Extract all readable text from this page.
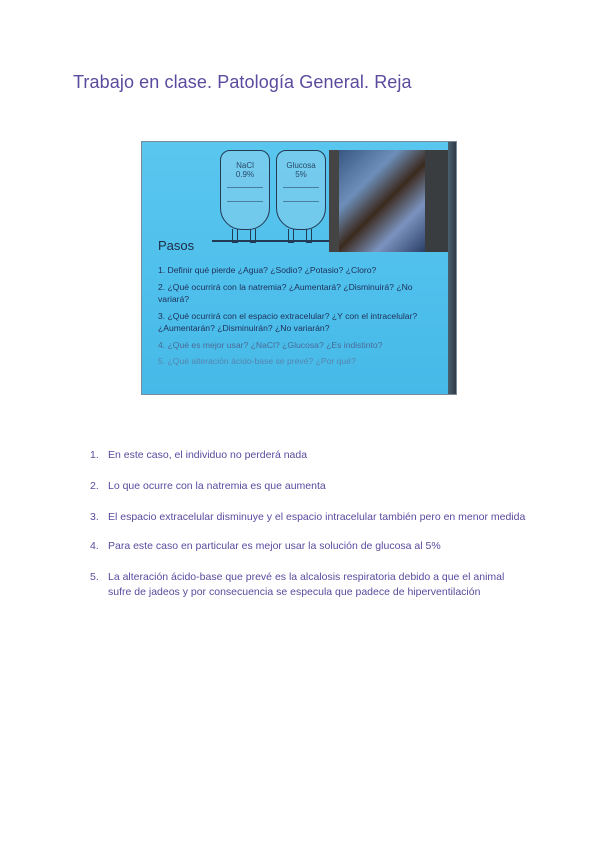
Trabajo en clase. Patología General. Reja
NaCl
0.9%
Glucosa
5%
Pasos
1. Definir qué pierde ¿Agua? ¿Sodio? ¿Potasio? ¿Cloro?
2. ¿Qué ocurrirá con la natremia? ¿Aumentará? ¿Disminuirá? ¿No variará?
3. ¿Qué ocurrirá con el espacio extracelular? ¿Y con el intracelular? ¿Aumentarán? ¿Disminuirán? ¿No variarán?
4. ¿Qué es mejor usar? ¿NaCl? ¿Glucosa? ¿Es indistinto?
5. ¿Qué alteración ácido-base se prevé? ¿Por qué?
1. En este caso, el individuo no perderá nada
2. Lo que ocurre con la natremia es que aumenta
3. El espacio extracelular disminuye y el espacio intracelular también pero en menor medida
4. Para este caso en particular es mejor usar la solución de glucosa al 5%
5. La alteración ácido-base que prevé es la alcalosis respiratoria debido a que el animal sufre de jadeos y por consecuencia se especula que padece de hiperventilación
